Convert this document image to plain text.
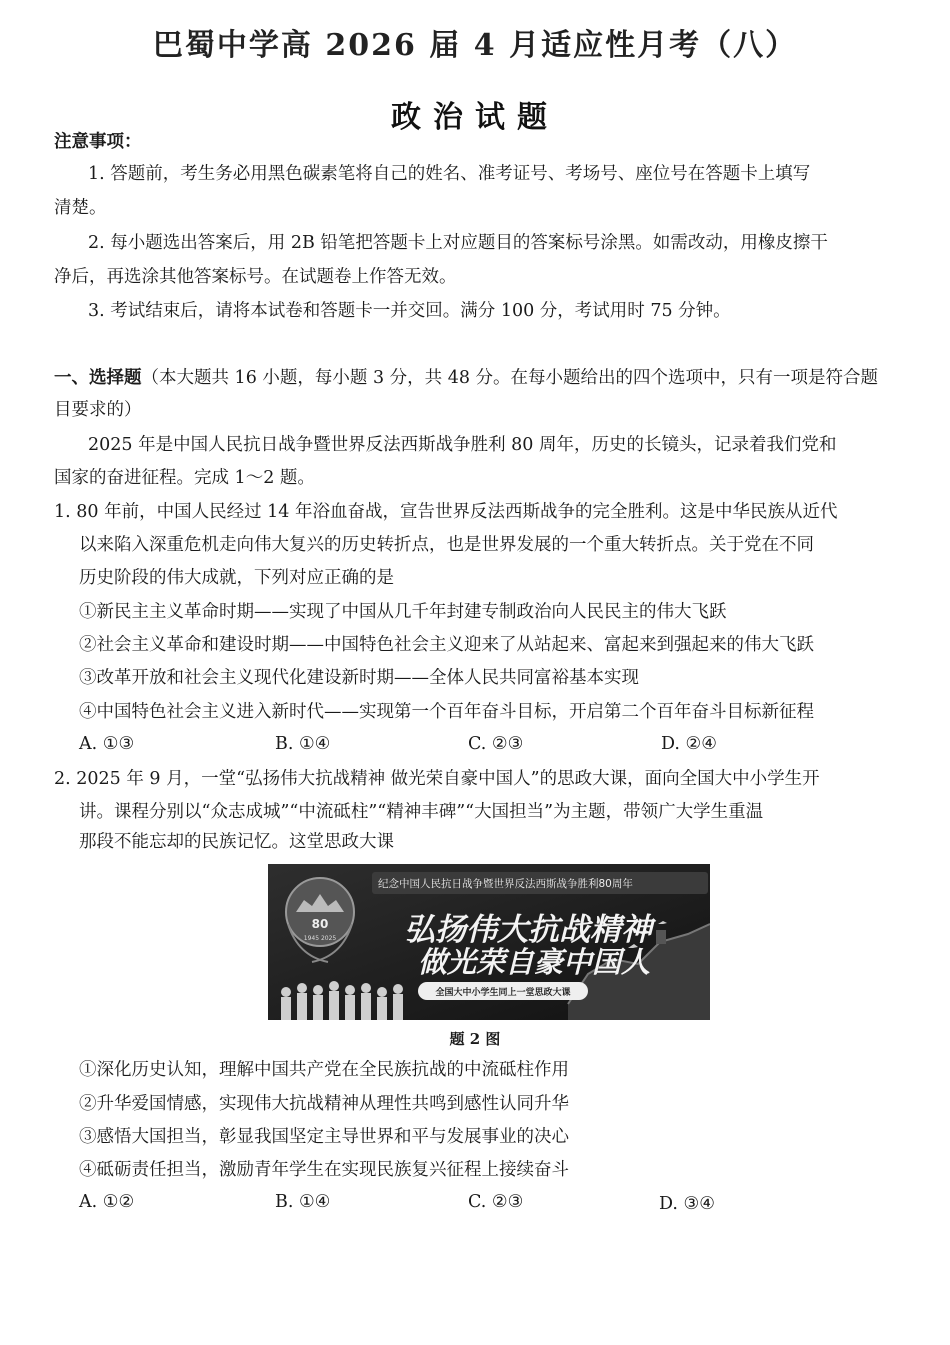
巴蜀中学高 2026 届 4 月适应性月考（八）
政治试题
注意事项：
1. 答题前，考生务必用黑色碳素笔将自己的姓名、准考证号、考场号、座位号在答题卡上填写
清楚。
2. 每小题选出答案后，用 2B 铅笔把答题卡上对应题目的答案标号涂黑。如需改动，用橡皮擦干
净后，再选涂其他答案标号。在试题卷上作答无效。
3. 考试结束后，请将本试卷和答题卡一并交回。满分 100 分，考试用时 75 分钟。
一、选择题（本大题共 16 小题，每小题 3 分，共 48 分。在每小题给出的四个选项中，只有一项是符合题
目要求的）
2025 年是中国人民抗日战争暨世界反法西斯战争胜利 80 周年，历史的长镜头，记录着我们党和
国家的奋进征程。完成 1～2 题。
1. 80 年前，中国人民经过 14 年浴血奋战，宣告世界反法西斯战争的完全胜利。这是中华民族从近代
以来陷入深重危机走向伟大复兴的历史转折点，也是世界发展的一个重大转折点。关于党在不同
历史阶段的伟大成就，下列对应正确的是
①新民主主义革命时期——实现了中国从几千年封建专制政治向人民民主的伟大飞跃
②社会主义革命和建设时期——中国特色社会主义迎来了从站起来、富起来到强起来的伟大飞跃
③改革开放和社会主义现代化建设新时期——全体人民共同富裕基本实现
④中国特色社会主义进入新时代——实现第一个百年奋斗目标，开启第二个百年奋斗目标新征程
A. ①③	B. ①④	C. ②③	D. ②④
2. 2025 年 9 月，一堂“弘扬伟大抗战精神 做光荣自豪中国人”的思政大课，面向全国大中小学生开
讲。课程分别以“众志成城”“中流砥柱”“精神丰碑”“大国担当”为主题，带领广大学生重温
那段不能忘却的民族记忆。这堂思政大课
80
1945 2025
纪念中国人民抗日战争暨世界反法西斯战争胜利80周年
弘扬伟大抗战精神
做光荣自豪中国人
全国大中小学生同上一堂思政大课
题 2 图
①深化历史认知，理解中国共产党在全民族抗战的中流砥柱作用
②升华爱国情感，实现伟大抗战精神从理性共鸣到感性认同升华
③感悟大国担当，彰显我国坚定主导世界和平与发展事业的决心
④砥砺责任担当，激励青年学生在实现民族复兴征程上接续奋斗
A. ①②	B. ①④	C. ②③	D. ③④
